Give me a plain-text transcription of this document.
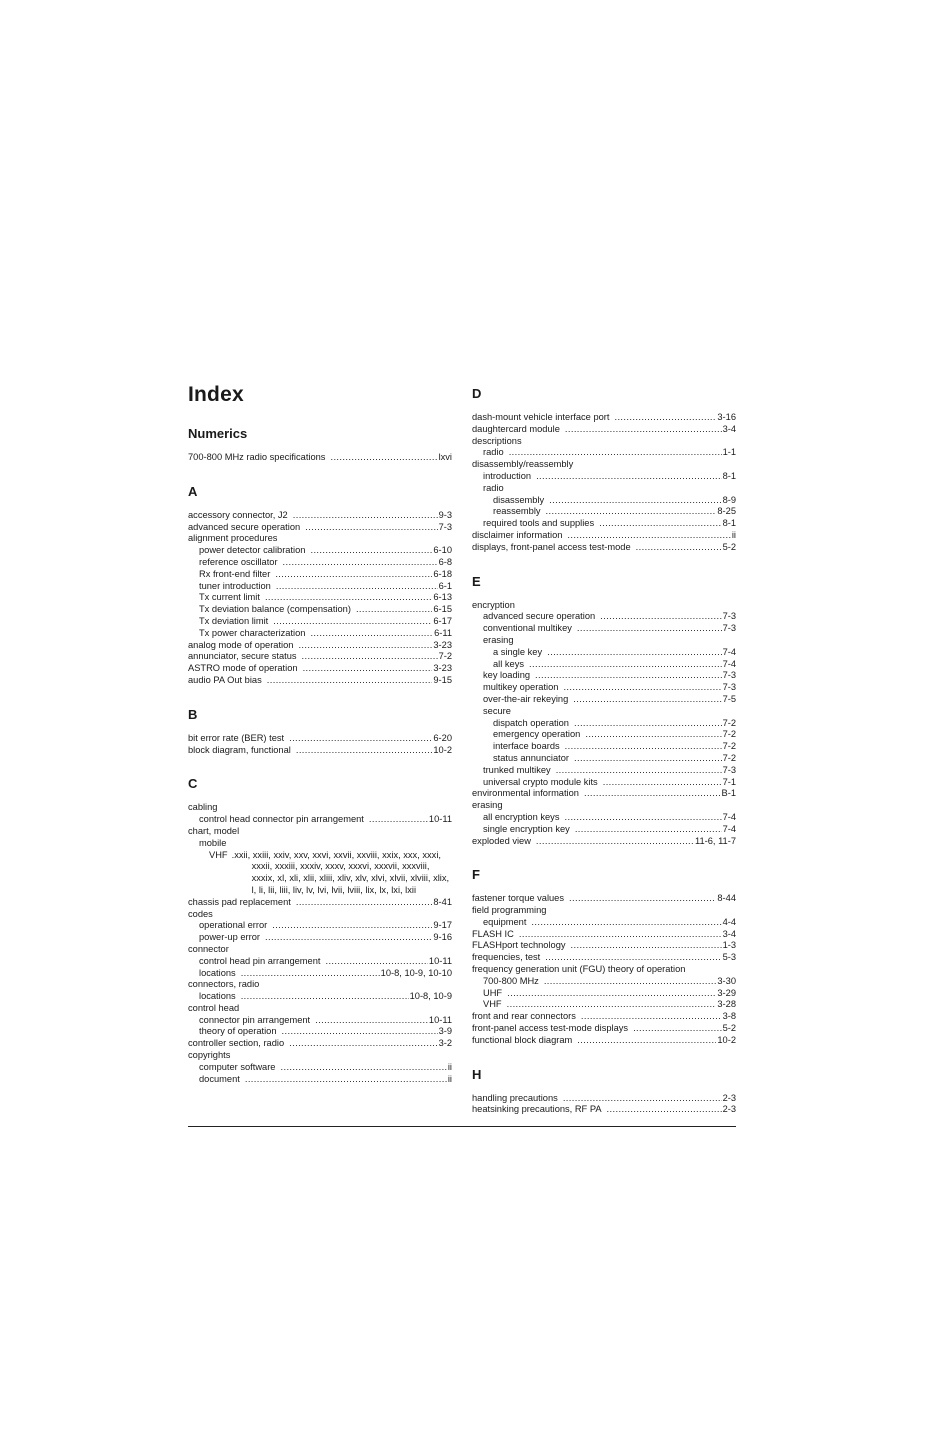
Index
Numerics
700-800 MHz radio specifications .....	lxvi
A
accessory connector, J2 .....	9-3
advanced secure operation .....	7-3
alignment procedures
power detector calibration .....	6-10
reference oscillator .....	6-8
Rx front-end filter .....	6-18
tuner introduction .....	6-1
Tx current limit .....	6-13
Tx deviation balance (compensation) .....	6-15
Tx deviation limit .....	6-17
Tx power characterization .....	6-11
analog mode of operation .....	3-23
annunciator, secure status .....	7-2
ASTRO mode of operation .....	3-23
audio PA Out bias .....	9-15
B
bit error rate (BER) test .....	6-20
block diagram, functional .....	10-2
C
cabling
control head connector pin arrangement .....	10-11
chart, model
mobile
VHF .xxii, xxiii, xxiv, xxv, xxvi, xxvii, xxviii, xxix, xxx, xxxi, xxxii, xxxiii, xxxiv, xxxv, xxxvi, xxxvii, xxxviii, xxxix, xl, xli, xlii, xliii, xliv, xlv, xlvi, xlvii, xlviii, xlix, l, li, lii, liii, liv, lv, lvi, lvii, lviii, lix, lx, lxi, lxii
chassis pad replacement .....	8-41
codes
operational error .....	9-17
power-up error .....	9-16
connector
control head pin arrangement .....	10-11
locations .....	10-8, 10-9, 10-10
connectors, radio
locations .....	10-8, 10-9
control head
connector pin arrangement .....	10-11
theory of operation .....	3-9
controller section, radio .....	3-2
copyrights
computer software .....	ii
document .....	ii
D
dash-mount vehicle interface port .....	3-16
daughtercard module .....	3-4
descriptions
radio .....	1-1
disassembly/reassembly
introduction .....	8-1
radio
disassembly .....	8-9
reassembly .....	8-25
required tools and supplies .....	8-1
disclaimer information .....	ii
displays, front-panel access test-mode .....	5-2
E
encryption
advanced secure operation .....	7-3
conventional multikey .....	7-3
erasing
a single key .....	7-4
all keys .....	7-4
key loading .....	7-3
multikey operation .....	7-3
over-the-air rekeying .....	7-5
secure
dispatch operation .....	7-2
emergency operation .....	7-2
interface boards .....	7-2
status annunciator .....	7-2
trunked multikey .....	7-3
universal crypto module kits .....	7-1
environmental information .....	B-1
erasing
all encryption keys .....	7-4
single encryption key .....	7-4
exploded view .....	11-6, 11-7
F
fastener torque values .....	8-44
field programming
equipment .....	4-4
FLASH IC .....	3-4
FLASHport technology .....	1-3
frequencies, test .....	5-3
frequency generation unit (FGU) theory of operation
700-800 MHz .....	3-30
UHF .....	3-29
VHF .....	3-28
front and rear connectors .....	3-8
front-panel access test-mode displays .....	5-2
functional block diagram .....	10-2
H
handling precautions .....	2-3
heatsinking precautions, RF PA .....	2-3
